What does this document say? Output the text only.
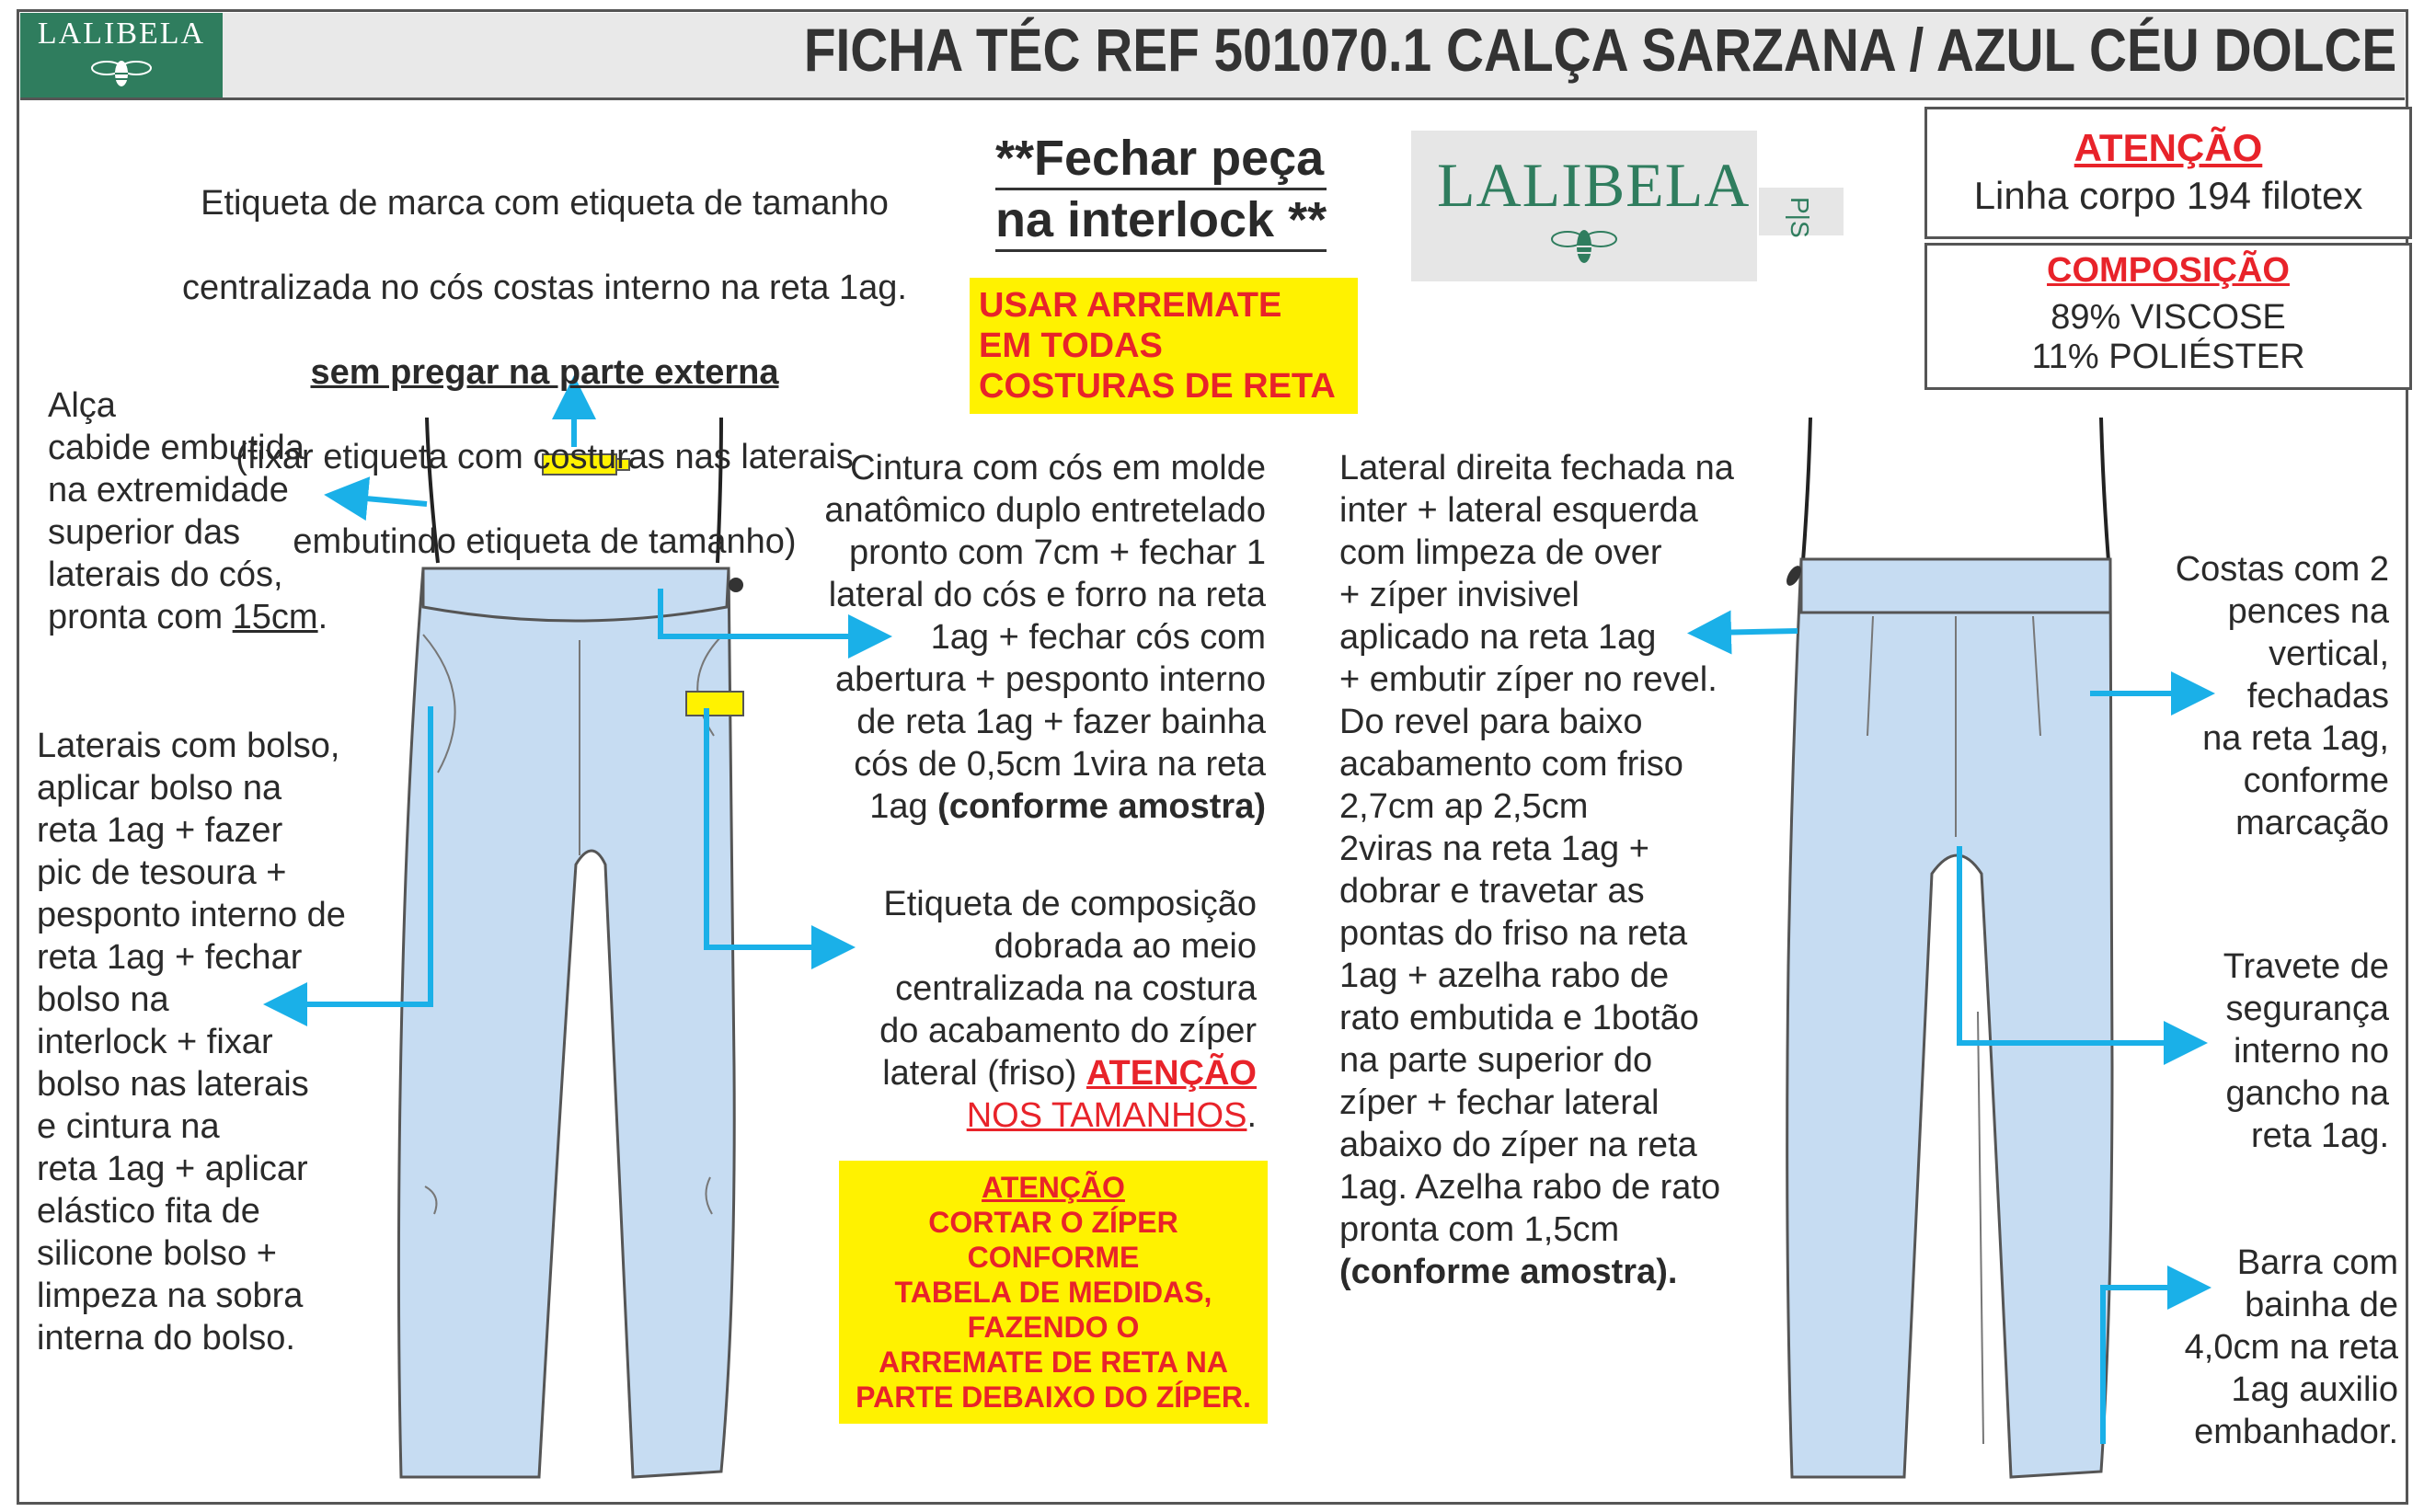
LALIBELA	FICHA TÉC REF 501070.1 CALÇA SARZANA / AZUL CÉU DOLCE

Etiqueta de marca com etiqueta de tamanho

centralizada no cós costas interno na reta 1ag.

sem pregar na parte externa

(fixar etiqueta com costuras nas laterais

embutindo etiqueta de tamanho)

**Fechar peça
na interlock **
USAR ARREMATE
EM TODAS
COSTURAS DE RETA
LALIBELA P|S
ATENÇÃO
Linha corpo 194 filotex
COMPOSIÇÃO
89% VISCOSE
11% POLIÉSTER
Alça
cabide embutida
na extremidade
superior das
laterais do cós,
pronta com 15cm.
Laterais com bolso,
aplicar bolso na
reta 1ag + fazer
pic de tesoura +
pesponto interno de
reta 1ag + fechar
bolso na
interlock + fixar
bolso nas laterais
e cintura na
reta 1ag + aplicar
elástico fita de
silicone bolso +
limpeza na sobra
interna do bolso.
Cintura com cós em molde
anatômico duplo entretelado
pronto com 7cm + fechar 1
lateral do cós e forro na reta
1ag + fechar cós com
abertura + pesponto interno
de reta 1ag + fazer bainha
cós de 0,5cm 1vira na reta
1ag (conforme amostra)
Etiqueta de composição
dobrada ao meio
centralizada na costura
do acabamento do zíper
lateral (friso) ATENÇÃO
NOS TAMANHOS.
ATENÇÃO
CORTAR O ZÍPER
CONFORME
TABELA DE MEDIDAS,
FAZENDO O
ARREMATE DE RETA NA
PARTE DEBAIXO DO ZÍPER.
Lateral direita fechada na
inter + lateral esquerda
com limpeza de over
+ zíper invisivel
aplicado na reta 1ag
+ embutir zíper no revel.
Do revel para baixo
acabamento com friso
2,7cm ap 2,5cm
2viras na reta 1ag +
dobrar e travetar as
pontas do friso na reta
1ag + azelha rabo de
rato embutida e 1botão
na parte superior do
zíper + fechar lateral
abaixo do zíper na reta
1ag. Azelha rabo de rato
pronta com 1,5cm
(conforme amostra).
Costas com 2
pences na
vertical,
fechadas
na reta 1ag,
conforme
marcação
Travete de
segurança
interno no
gancho na
reta 1ag.
Barra com
bainha de
4,0cm na reta
1ag auxilio
embanhador.
